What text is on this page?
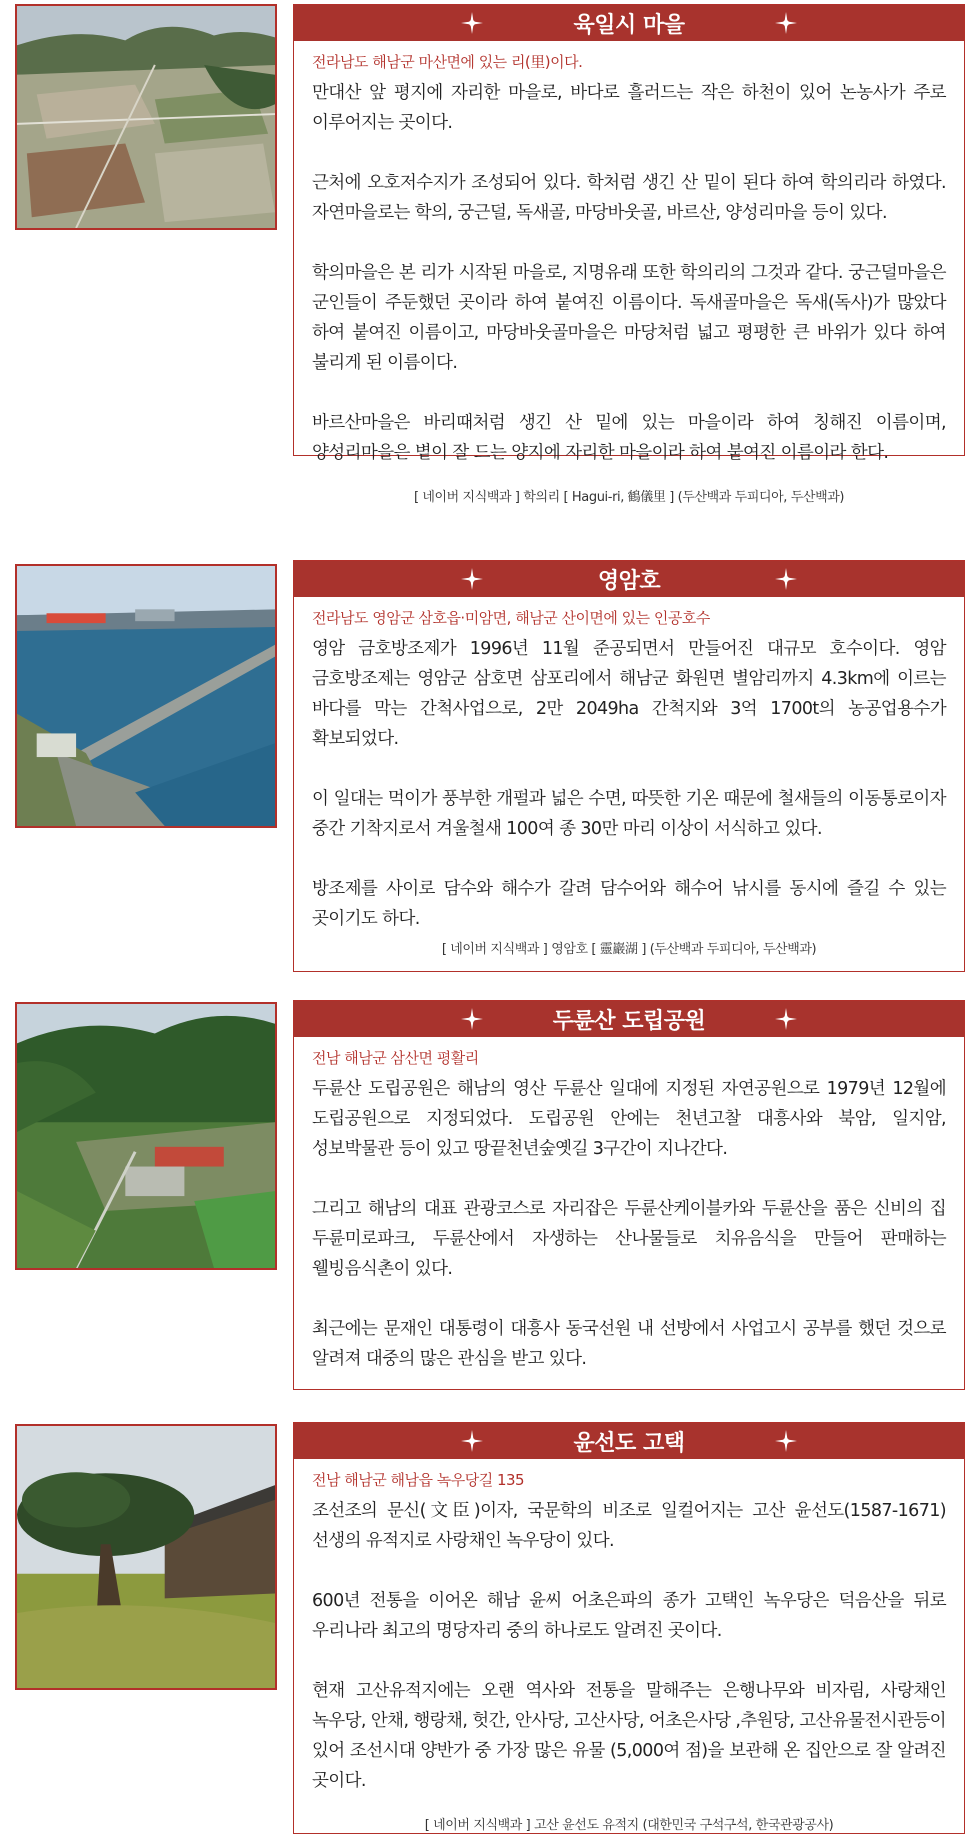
육일시 마을
전라남도 해남군 마산면에 있는 리(里)이다.

만대산 앞 평지에 자리한 마을로, 바다로 흘러드는 작은 하천이 있어 논농사가 주로 이루어지는 곳이다.

근처에 오호저수지가 조성되어 있다. 학처럼 생긴 산 밑이 된다 하여 학의리라 하였다. 자연마을로는 학의, 궁근덜, 독새골, 마당바웃골, 바르산, 양성리마을 등이 있다.

학의마을은 본 리가 시작된 마을로, 지명유래 또한 학의리의 그것과 같다. 궁근덜마을은 군인들이 주둔했던 곳이라 하여 붙여진 이름이다. 독새골마을은 독새(독사)가 많았다 하여 붙여진 이름이고, 마당바웃골마을은 마당처럼 넓고 평평한 큰 바위가 있다 하여 불리게 된 이름이다.

바르산마을은 바리때처럼 생긴 산 밑에 있는 마을이라 하여 칭해진 이름이며, 양성리마을은 볕이 잘 드는 양지에 자리한 마을이라 하여 붙여진 이름이라 한다.

[ 네이버 지식백과 ] 학의리 [ Hagui-ri, 鶴儀里 ] (두산백과 두피디아, 두산백과)
영암호
전라남도 영암군 삼호읍·미암면, 해남군 산이면에 있는 인공호수

영암 금호방조제가 1996년 11월 준공되면서 만들어진 대규모 호수이다. 영암 금호방조제는 영암군 삼호면 삼포리에서 해남군 화원면 별암리까지 4.3km에 이르는 바다를 막는 간척사업으로, 2만 2049ha 간척지와 3억 1700t의 농공업용수가 확보되었다.

이 일대는 먹이가 풍부한 개펄과 넓은 수면, 따뜻한 기온 때문에 철새들의 이동통로이자 중간 기착지로서 겨울철새 100여 종 30만 마리 이상이 서식하고 있다.

방조제를 사이로 담수와 해수가 갈려 담수어와 해수어 낚시를 동시에 즐길 수 있는 곳이기도 하다.

[ 네이버 지식백과 ] 영암호 [ 靈巖湖 ] (두산백과 두피디아, 두산백과)
두륜산 도립공원
전남 해남군 삼산면 평활리

두륜산 도립공원은 해남의 영산 두륜산 일대에 지정된 자연공원으로 1979년 12월에 도립공원으로 지정되었다. 도립공원 안에는 천년고찰 대흥사와 북암, 일지암, 성보박물관 등이 있고 땅끝천년숲옛길 3구간이 지나간다.

그리고 해남의 대표 관광코스로 자리잡은 두륜산케이블카와 두륜산을 품은 신비의 집 두륜미로파크, 두륜산에서 자생하는 산나물들로 치유음식을 만들어 판매하는 웰빙음식촌이 있다.

최근에는 문재인 대통령이 대흥사 동국선원 내 선방에서 사업고시 공부를 했던 것으로 알려져 대중의 많은 관심을 받고 있다.

윤선도 고택
전남 해남군 해남읍 녹우당길 135

조선조의 문신(文臣)이자, 국문학의 비조로 일컬어지는 고산 윤선도(1587-1671) 선생의 유적지로 사랑채인 녹우당이 있다.

600년 전통을 이어온 해남 윤씨 어초은파의 종가 고택인 녹우당은 덕음산을 뒤로 우리나라 최고의 명당자리 중의 하나로도 알려진 곳이다.

현재 고산유적지에는 오랜 역사와 전통을 말해주는 은행나무와 비자림, 사랑채인 녹우당, 안채, 행랑채, 헛간, 안사당, 고산사당, 어초은사당 ,추원당, 고산유물전시관등이 있어 조선시대 양반가 중 가장 많은 유물 (5,000여 점)을 보관해 온 집안으로 잘 알려진 곳이다.

[ 네이버 지식백과 ] 고산 윤선도 유적지 (대한민국 구석구석, 한국관광공사)
